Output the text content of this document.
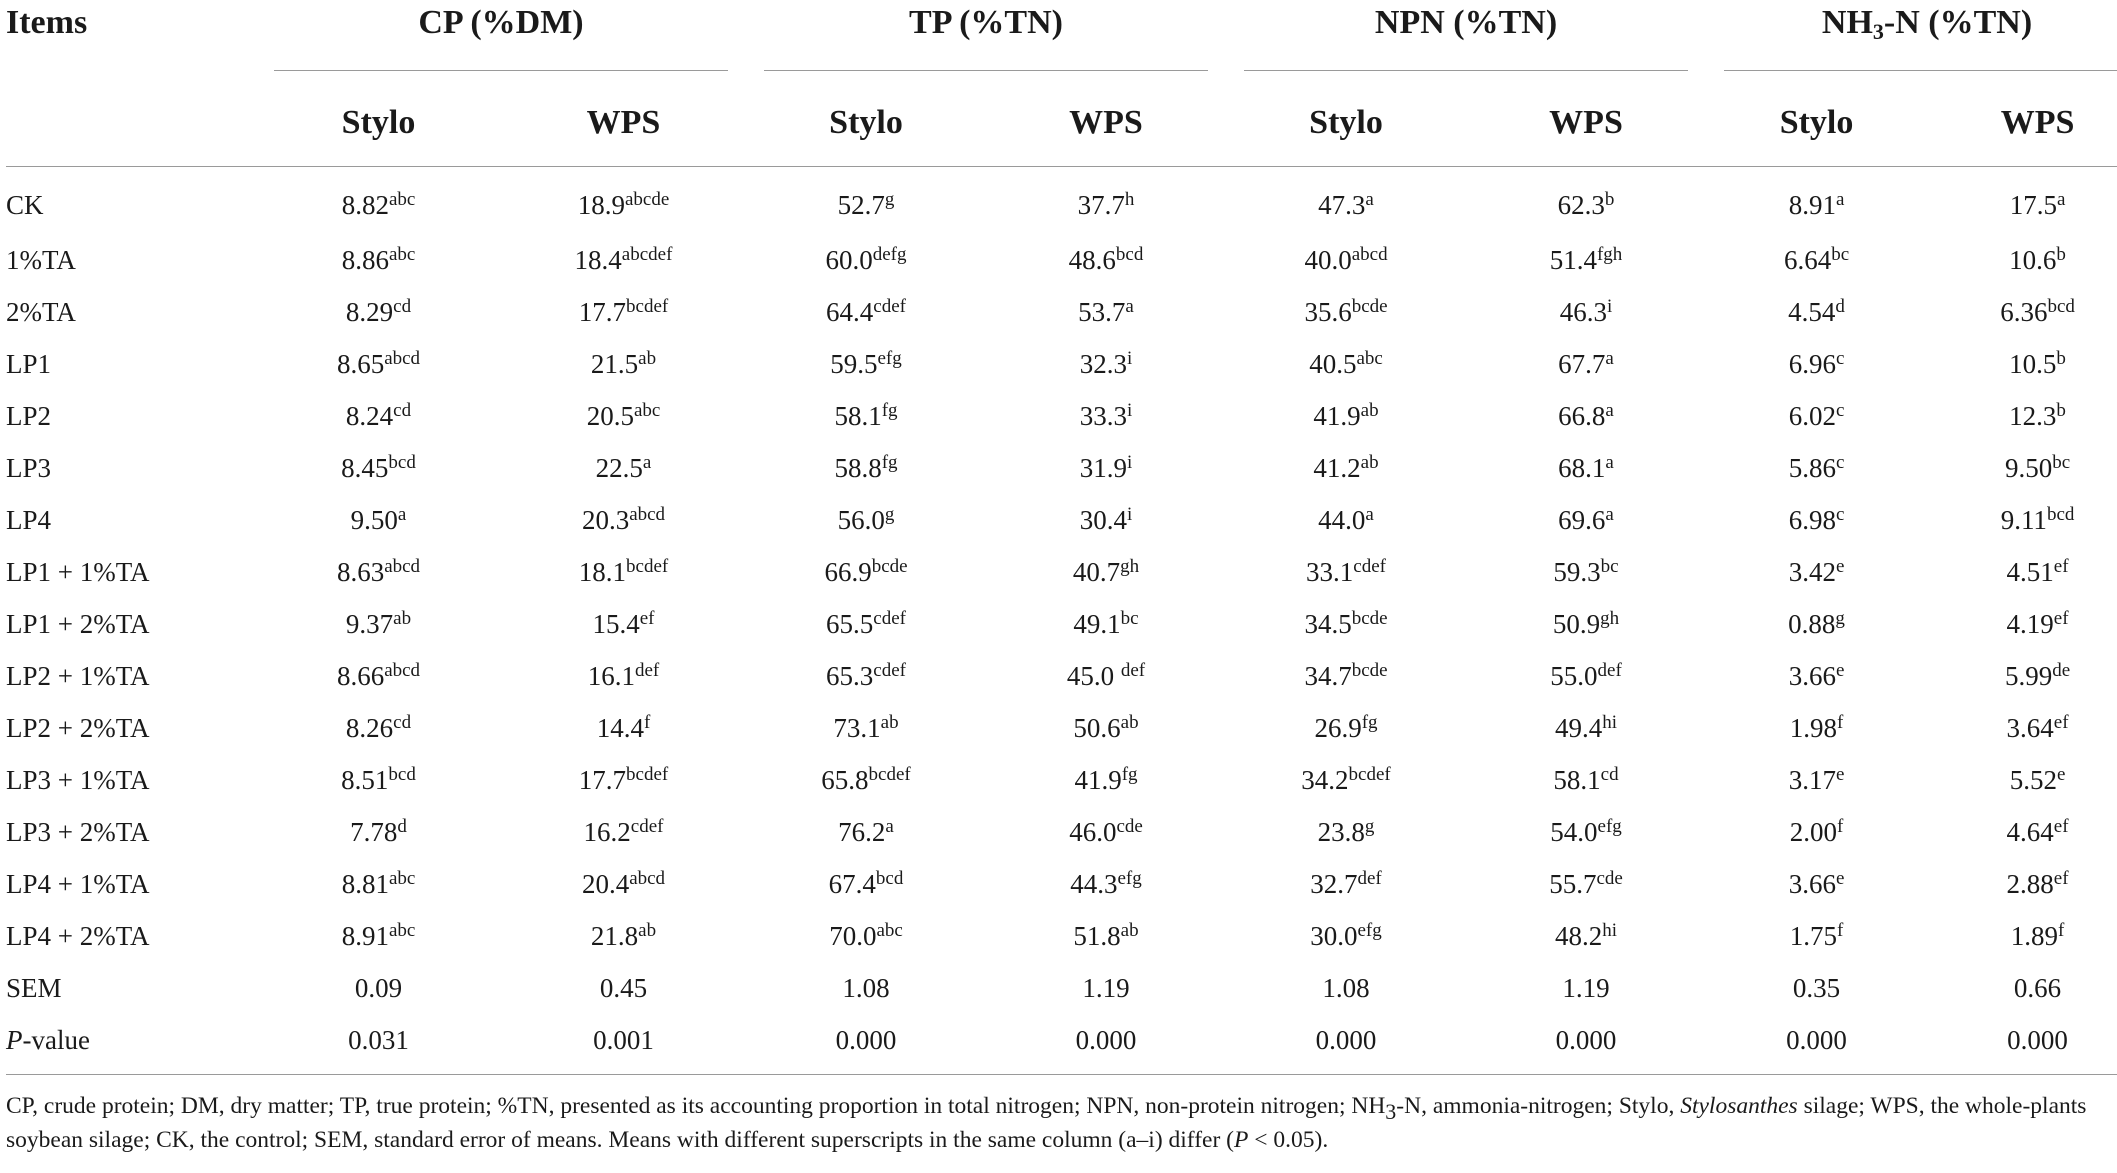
Items	CP (%DM)		TP (%TN)		NPN (%TN)		$NH_3-N$ (%TN)	

	Stylo	WPS	Stylo	WPS	Stylo	WPS	Stylo	WPS
CK	8.82$^{abc}$	$18.9^{abcde}$	52.7$^g$	37.7$^h$	47.3$^a$	62.3$^b$	8.91$^a$	17.5$^a$
1%TA	8.86$^{abc}$	$18.4^{abcdef}$	$60.0^{defg}$	48.6$^{bcd}$	$40.0^{abcd}$	51.4$^{fgh}$	6.64$^{bc}$	10.6$^b$
2%TA	8.29$^{cd}$	$17.7^{bcdef}$	$64.4^{cdef}$	53.7$^a$	$35.6^{bcde}$	46.3$^i$	4.54$^d$	6.36$^{bcd}$
LP1	$8.65^{abcd}$	21.5$^{ab}$	59.5$^{efg}$	32.3$^i$	40.5$^{abc}$	67.7$^a$	6.96$^c$	10.5$^b$
LP2	8.24$^{cd}$	20.5$^{abc}$	58.1$^{fg}$	33.3$^i$	41.9$^{ab}$	66.8$^a$	6.02$^c$	12.3$^b$
LP3	8.45$^{bcd}$	22.5$^a$	58.8$^{fg}$	31.9$^i$	41.2$^{ab}$	68.1$^a$	5.86$^c$	9.50$^{bc}$
LP4	9.50$^a$	$20.3^{abcd}$	56.0$^g$	30.4$^i$	44.0$^a$	69.6$^a$	6.98$^c$	9.11$^{bcd}$
LP1 + 1%TA	$8.63^{abcd}$	$18.1^{bcdef}$	$66.9^{bcde}$	40.7$^{gh}$	$33.1^{cdef}$	59.3$^{bc}$	3.42e	4.51$^{ef}$
LP1 + 2%TA	9.37$^{ab}$	15.4$^{ef}$	$65.5^{cdef}$	49.1$^{bc}$	$34.5^{bcde}$	50.9$^{gh}$	0.88$^g$	4.19$^{ef}$
LP2 + 1%TA	$8.66^{abcd}$	16.1$^{def}$	$65.3^{cdef}$	45.0 $^{def}$	$34.7^{bcde}$	55.0$^{def}$	3.66e	5.99de
LP2 + 2%TA	8.26$^{cd}$	14.4$^f$	73.1$^{ab}$	50.6$^{ab}$	26.9$^{fg}$	$49.4^{hi}$	1.98$^f$	3.64$^{ef}$
LP3 + 1%TA	8.51$^{bcd}$	$17.7^{bcdef}$	$65.8^{bcdef}$	41.9$^{fg}$	$34.2^{bcdef}$	58.1$^{cd}$	3.17e	5.52e
LP3 + 2%TA	7.78$^d$	$16.2^{cdef}$	76.2$^a$	46.0$^{cde}$	23.8$^g$	54.0$^{efg}$	2.00$^f$	4.64$^{ef}$
LP4 + 1%TA	8.81$^{abc}$	$20.4^{abcd}$	67.4$^{bcd}$	44.3$^{efg}$	32.7$^{def}$	55.7$^{cde}$	3.66e	2.88$^{ef}$
LP4 + 2%TA	8.91$^{abc}$	21.8$^{ab}$	70.0$^{abc}$	51.8$^{ab}$	30.0$^{efg}$	$48.2^{hi}$	1.75$^f$	1.89$^f$
SEM	0.09	0.45	1.08	1.19	1.08	1.19	0.35	0.66
P-value	0.031	0.001	0.000	0.000	0.000	0.000	0.000	0.000
CP, crude protein; DM, dry matter; TP, true protein; %TN, presented as its accounting proportion in total nitrogen; NPN, non-protein nitrogen; $NH_3-N$, ammonia-nitrogen; Stylo, Stylosanthes silage; WPS, the whole-plants soybean silage; CK, the control; SEM, standard error of means. Means with different superscripts in the same column (a–i) differ (P < 0.05).
